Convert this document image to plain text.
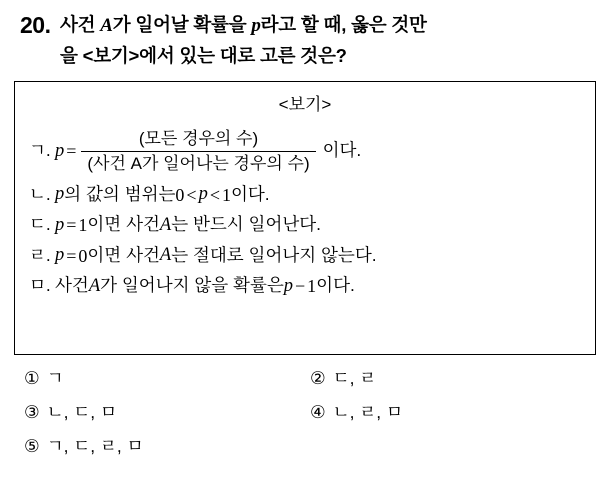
20. 사건 A가 일어날 확률을 p라고 할 때, 옳은 것만
을 <보기>에서 있는 대로 고른 것은?
<보기>
ㄱ. $p = \frac{\text{(모든 경우의 수)}}{\text{(사건 A가 일어나는 경우의 수)}}$ 이다.
ㄴ. p 의 값의 범위는 0 < p < 1 이다.
ㄷ. p = 1 이면 사건 A 는 반드시 일어난다.
ㄹ. p = 0 이면 사건 A 는 절대로 일어나지 않는다.
ㅁ. 사건 A 가 일어나지 않을 확률은 p − 1 이다.
① ㄱ	② ㄷ, ㄹ
③ ㄴ, ㄷ, ㅁ	④ ㄴ, ㄹ, ㅁ
⑤ ㄱ, ㄷ, ㄹ, ㅁ
